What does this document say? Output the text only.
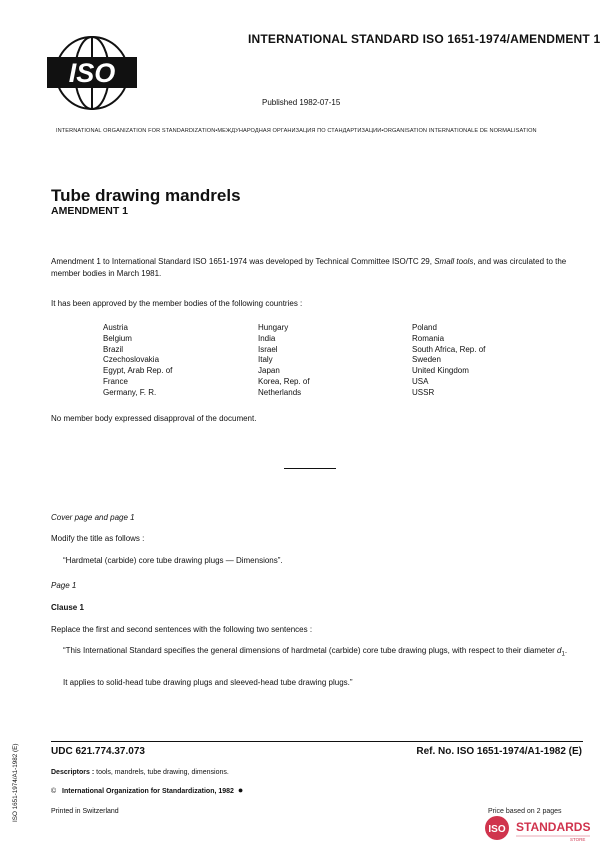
ISO
INTERNATIONAL STANDARD ISO 1651-1974/AMENDMENT 1
Published 1982-07-15
INTERNATIONAL ORGANIZATION FOR STANDARDIZATION•МЕЖДУНАРОДНАЯ ОРГАНИЗАЦИЯ ПО СТАНДАРТИЗАЦИИ•ORGANISATION INTERNATIONALE DE NORMALISATION
Tube drawing mandrels
AMENDMENT 1
Amendment 1 to International Standard ISO 1651-1974 was developed by Technical Committee ISO/TC 29, Small tools, and was circulated to the member bodies in March 1981.
It has been approved by the member bodies of the following countries :
Austria
Belgium
Brazil
Czechoslovakia
Egypt, Arab Rep. of
France
Germany, F. R.
Hungary
India
Israel
Italy
Japan
Korea, Rep. of
Netherlands
Poland
Romania
South Africa, Rep. of
Sweden
United Kingdom
USA
USSR
No member body expressed disapproval of the document.
Cover page and page 1
Modify the title as follows :
“Hardmetal (carbide) core tube drawing plugs — Dimensions”.
Page 1
Clause 1
Replace the first and second sentences with the following two sentences :
“This International Standard specifies the general dimensions of hardmetal (carbide) core tube drawing plugs, with respect to their diameter $d_1$.
It applies to solid-head tube drawing plugs and sleeved-head tube drawing plugs.”
UDC 621.774.37.073	Ref. No. ISO 1651-1974/A1-1982 (E)
Descriptors : tools, mandrels, tube drawing, dimensions.
© International Organization for Standardization, 1982 ●
Printed in Switzerland
ISO 1651-1974/A1-1982 (E)	Price based on 2 pages
ISO STANDARDS
STORE
